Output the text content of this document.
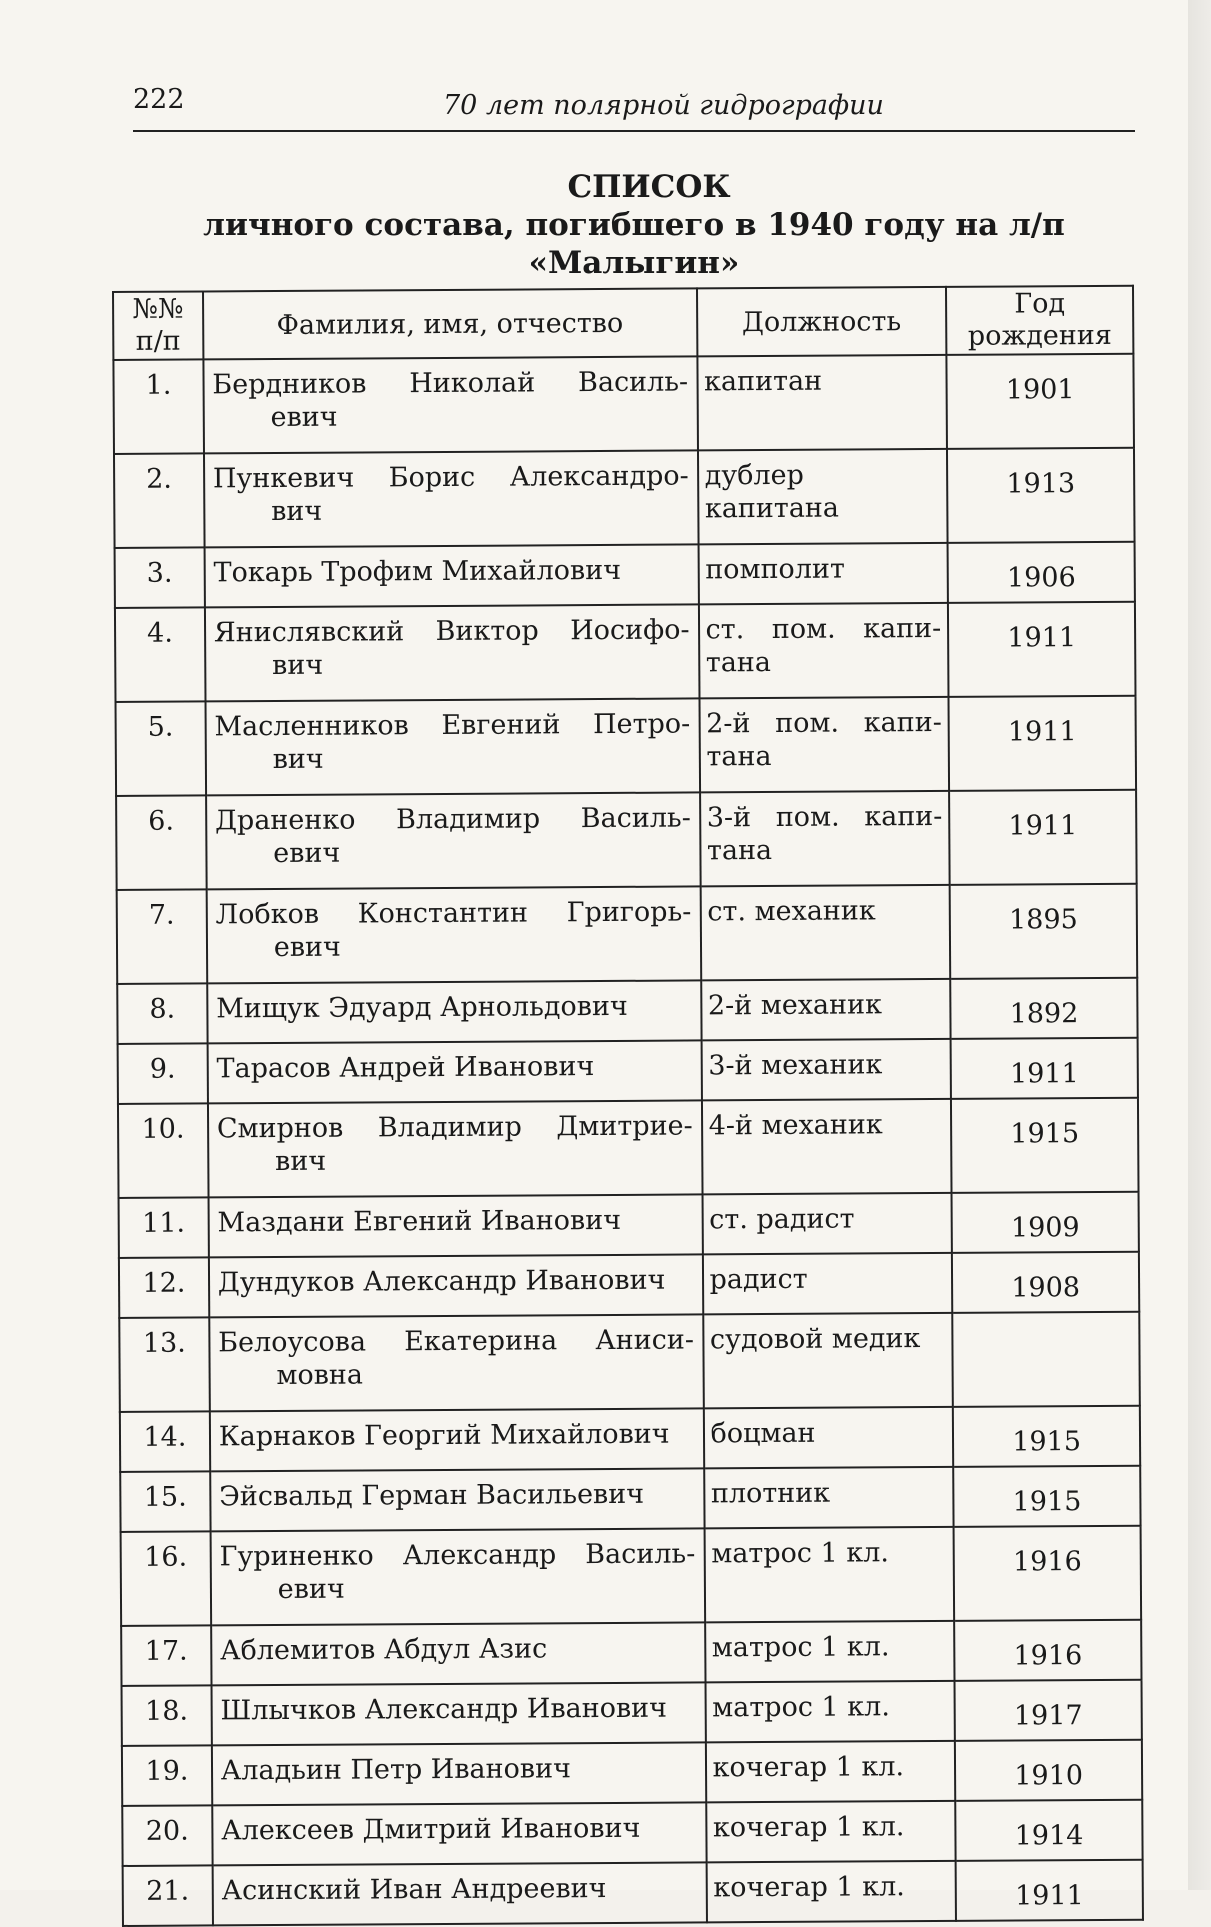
222	70 лет полярной гидрографии
СПИСОК
личного состава, погибшего в 1940 году на л/п «Малыгин»
№№
п/п	Фамилия, имя, отчество	Должность	Год
рождения
1.	Бердников Николай Василь-
евич	капитан	1901
2.	Пункевич Борис Александро-
вич	дублер
капитана	1913
3.	Токарь Трофим Михайлович	помполит	1906
4.	Янислявский Виктор Иосифо-
вич	ст. пом. капи-
тана	1911
5.	Масленников Евгений Петро-
вич	2-й пом. капи-
тана	1911
6.	Драненко Владимир Василь-
евич	3-й пом. капи-
тана	1911
7.	Лобков Константин Григорь-
евич	ст. механик	1895
8.	Мищук Эдуард Арнольдович	2-й механик	1892
9.	Тарасов Андрей Иванович	3-й механик	1911
10.	Смирнов Владимир Дмитрие-
вич	4-й механик	1915
11.	Маздани Евгений Иванович	ст. радист	1909
12.	Дундуков Александр Иванович	радист	1908
13.	Белоусова Екатерина Аниси-
мовна	судовой медик	

14.	Карнаков Георгий Михайлович	боцман	1915
15.	Эйсвальд Герман Васильевич	плотник	1915
16.	Гуриненко Александр Василь-
евич	матрос 1 кл.	1916
17.	Аблемитов Абдул Азис	матрос 1 кл.	1916
18.	Шлычков Александр Иванович	матрос 1 кл.	1917
19.	Аладьин Петр Иванович	кочегар 1 кл.	1910
20.	Алексеев Дмитрий Иванович	кочегар 1 кл.	1914
21.	Асинский Иван Андреевич	кочегар 1 кл.	1911
